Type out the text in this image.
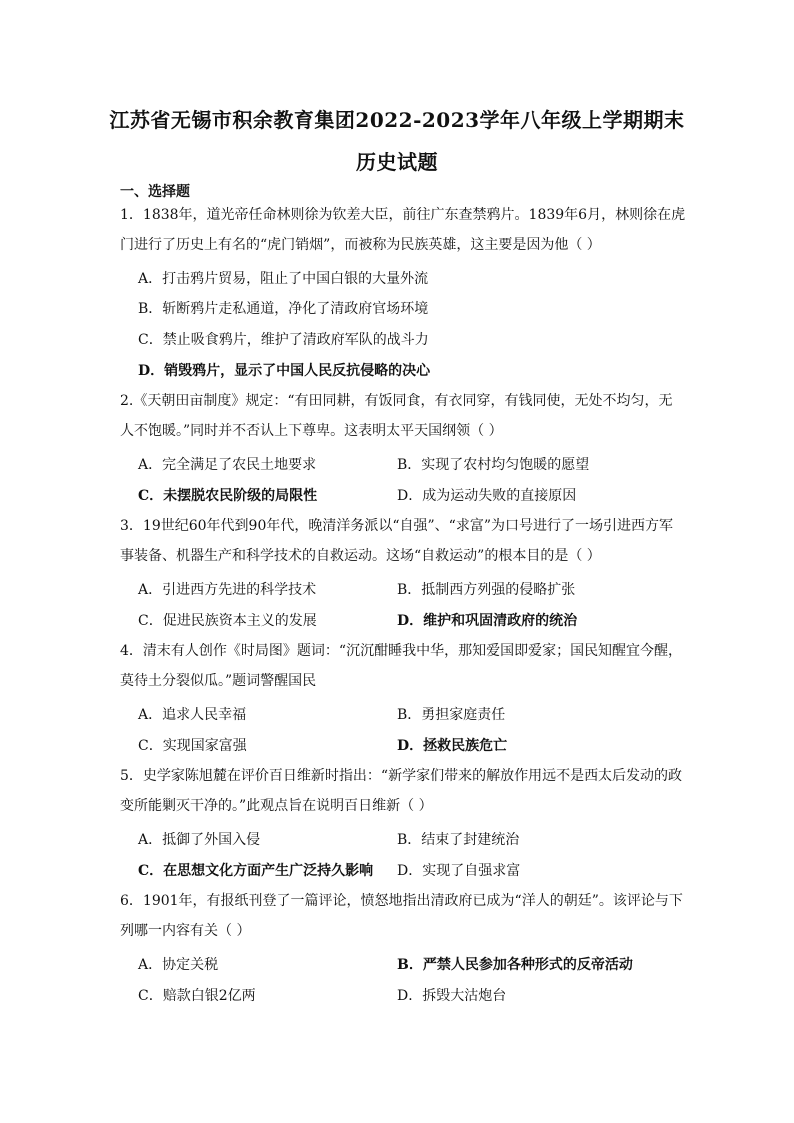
江苏省无锡市积余教育集团2022-2023学年八年级上学期期末
历史试题
一、选择题
1．1838年，道光帝任命林则徐为钦差大臣，前往广东查禁鸦片。1839年6月，林则徐在虎
门进行了历史上有名的“虎门销烟”，而被称为民族英雄，这主要是因为他（ ）
A．打击鸦片贸易，阻止了中国白银的大量外流
B．斩断鸦片走私通道，净化了清政府官场环境
C．禁止吸食鸦片，维护了清政府军队的战斗力
D．销毁鸦片，显示了中国人民反抗侵略的决心
2.《天朝田亩制度》规定：“有田同耕，有饭同食，有衣同穿，有钱同使，无处不均匀，无
人不饱暖。”同时并不否认上下尊卑。这表明太平天国纲领（ ）
A．完全满足了农民土地要求	B．实现了农村均匀饱暖的愿望
C．未摆脱农民阶级的局限性	D．成为运动失败的直接原因
3．19世纪60年代到90年代，晚清洋务派以“自强”、“求富”为口号进行了一场引进西方军
事装备、机器生产和科学技术的自救运动。这场“自救运动”的根本目的是（ ）
A．引进西方先进的科学技术	B．抵制西方列强的侵略扩张
C．促进民族资本主义的发展	D．维护和巩固清政府的统治
4．清末有人创作《时局图》题词：“沉沉酣睡我中华，那知爱国即爱家；国民知醒宜今醒，
莫待土分裂似瓜。”题词警醒国民
A．追求人民幸福	B．勇担家庭责任
C．实现国家富强	D．拯救民族危亡
5．史学家陈旭麓在评价百日维新时指出：“新学家们带来的解放作用远不是西太后发动的政
变所能剿灭干净的。”此观点旨在说明百日维新（ ）
A．抵御了外国入侵	B．结束了封建统治
C．在思想文化方面产生广泛持久影响 D．实现了自强求富
6．1901年，有报纸刊登了一篇评论，愤怒地指出清政府已成为“洋人的朝廷”。该评论与下
列哪一内容有关（ ）
A．协定关税	B．严禁人民参加各种形式的反帝活动
C．赔款白银2亿两	D．拆毁大沽炮台
